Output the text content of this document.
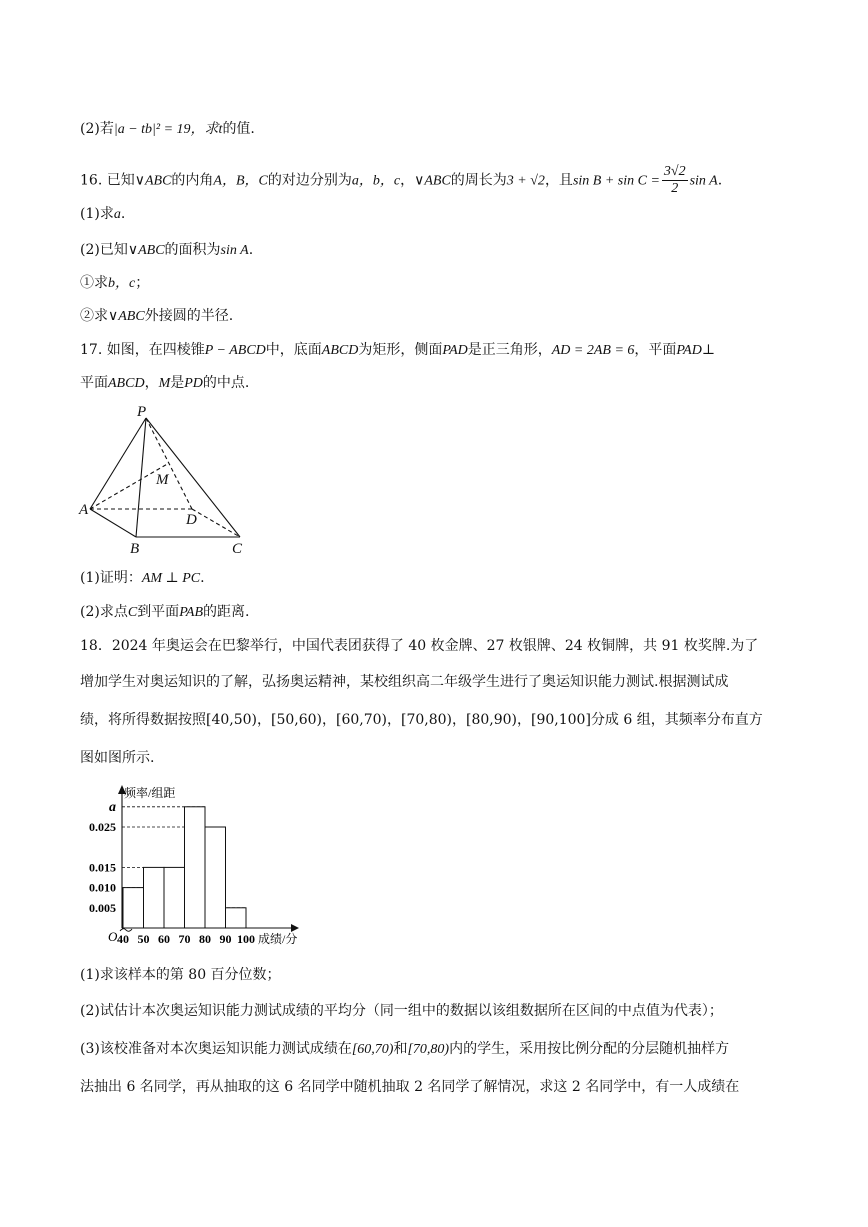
(2)若|a − tb|² = 19，求t的值.
16. 已知∨ABC的内角A，B，C的对边分别为a，b，c，∨ABC的周长为3 + √2，且$\sin B + \sin C = \frac{3√2}{2}$ sin A.
(1)求a.
(2)已知∨ABC的面积为sin A.
①求b，c；
②求∨ABC外接圆的半径.
17. 如图，在四棱锥P − ABCD中，底面ABCD为矩形，侧面PAD是正三角形，AD = 2AB = 6，平面PAD⊥
平面ABCD，M是PD的中点.
P
M
A
D
B	C
(1)证明：AM ⊥ PC.
(2)求点C到平面PAB的距离.
18．2024 年奥运会在巴黎举行，中国代表团获得了 40 枚金牌、27 枚银牌、24 枚铜牌，共 91 枚奖牌.为了
增加学生对奥运知识的了解，弘扬奥运精神，某校组织高二年级学生进行了奥运知识能力测试.根据测试成
绩，将所得数据按照[40,50)，[50,60)，[60,70)，[70,80)，[80,90)，[90,100]分成 6 组，其频率分布直方
图如图所示.
0.005
0.010
0.015
0.025
a
40 50 60 70 80 90 100
频率/组距
成绩/分
O
(1)求该样本的第 80 百分位数；
(2)试估计本次奥运知识能力测试成绩的平均分（同一组中的数据以该组数据所在区间的中点值为代表）；
(3)该校准备对本次奥运知识能力测试成绩在[60,70)和[70,80)内的学生，采用按比例分配的分层随机抽样方
法抽出 6 名同学，再从抽取的这 6 名同学中随机抽取 2 名同学了解情况，求这 2 名同学中，有一人成绩在
